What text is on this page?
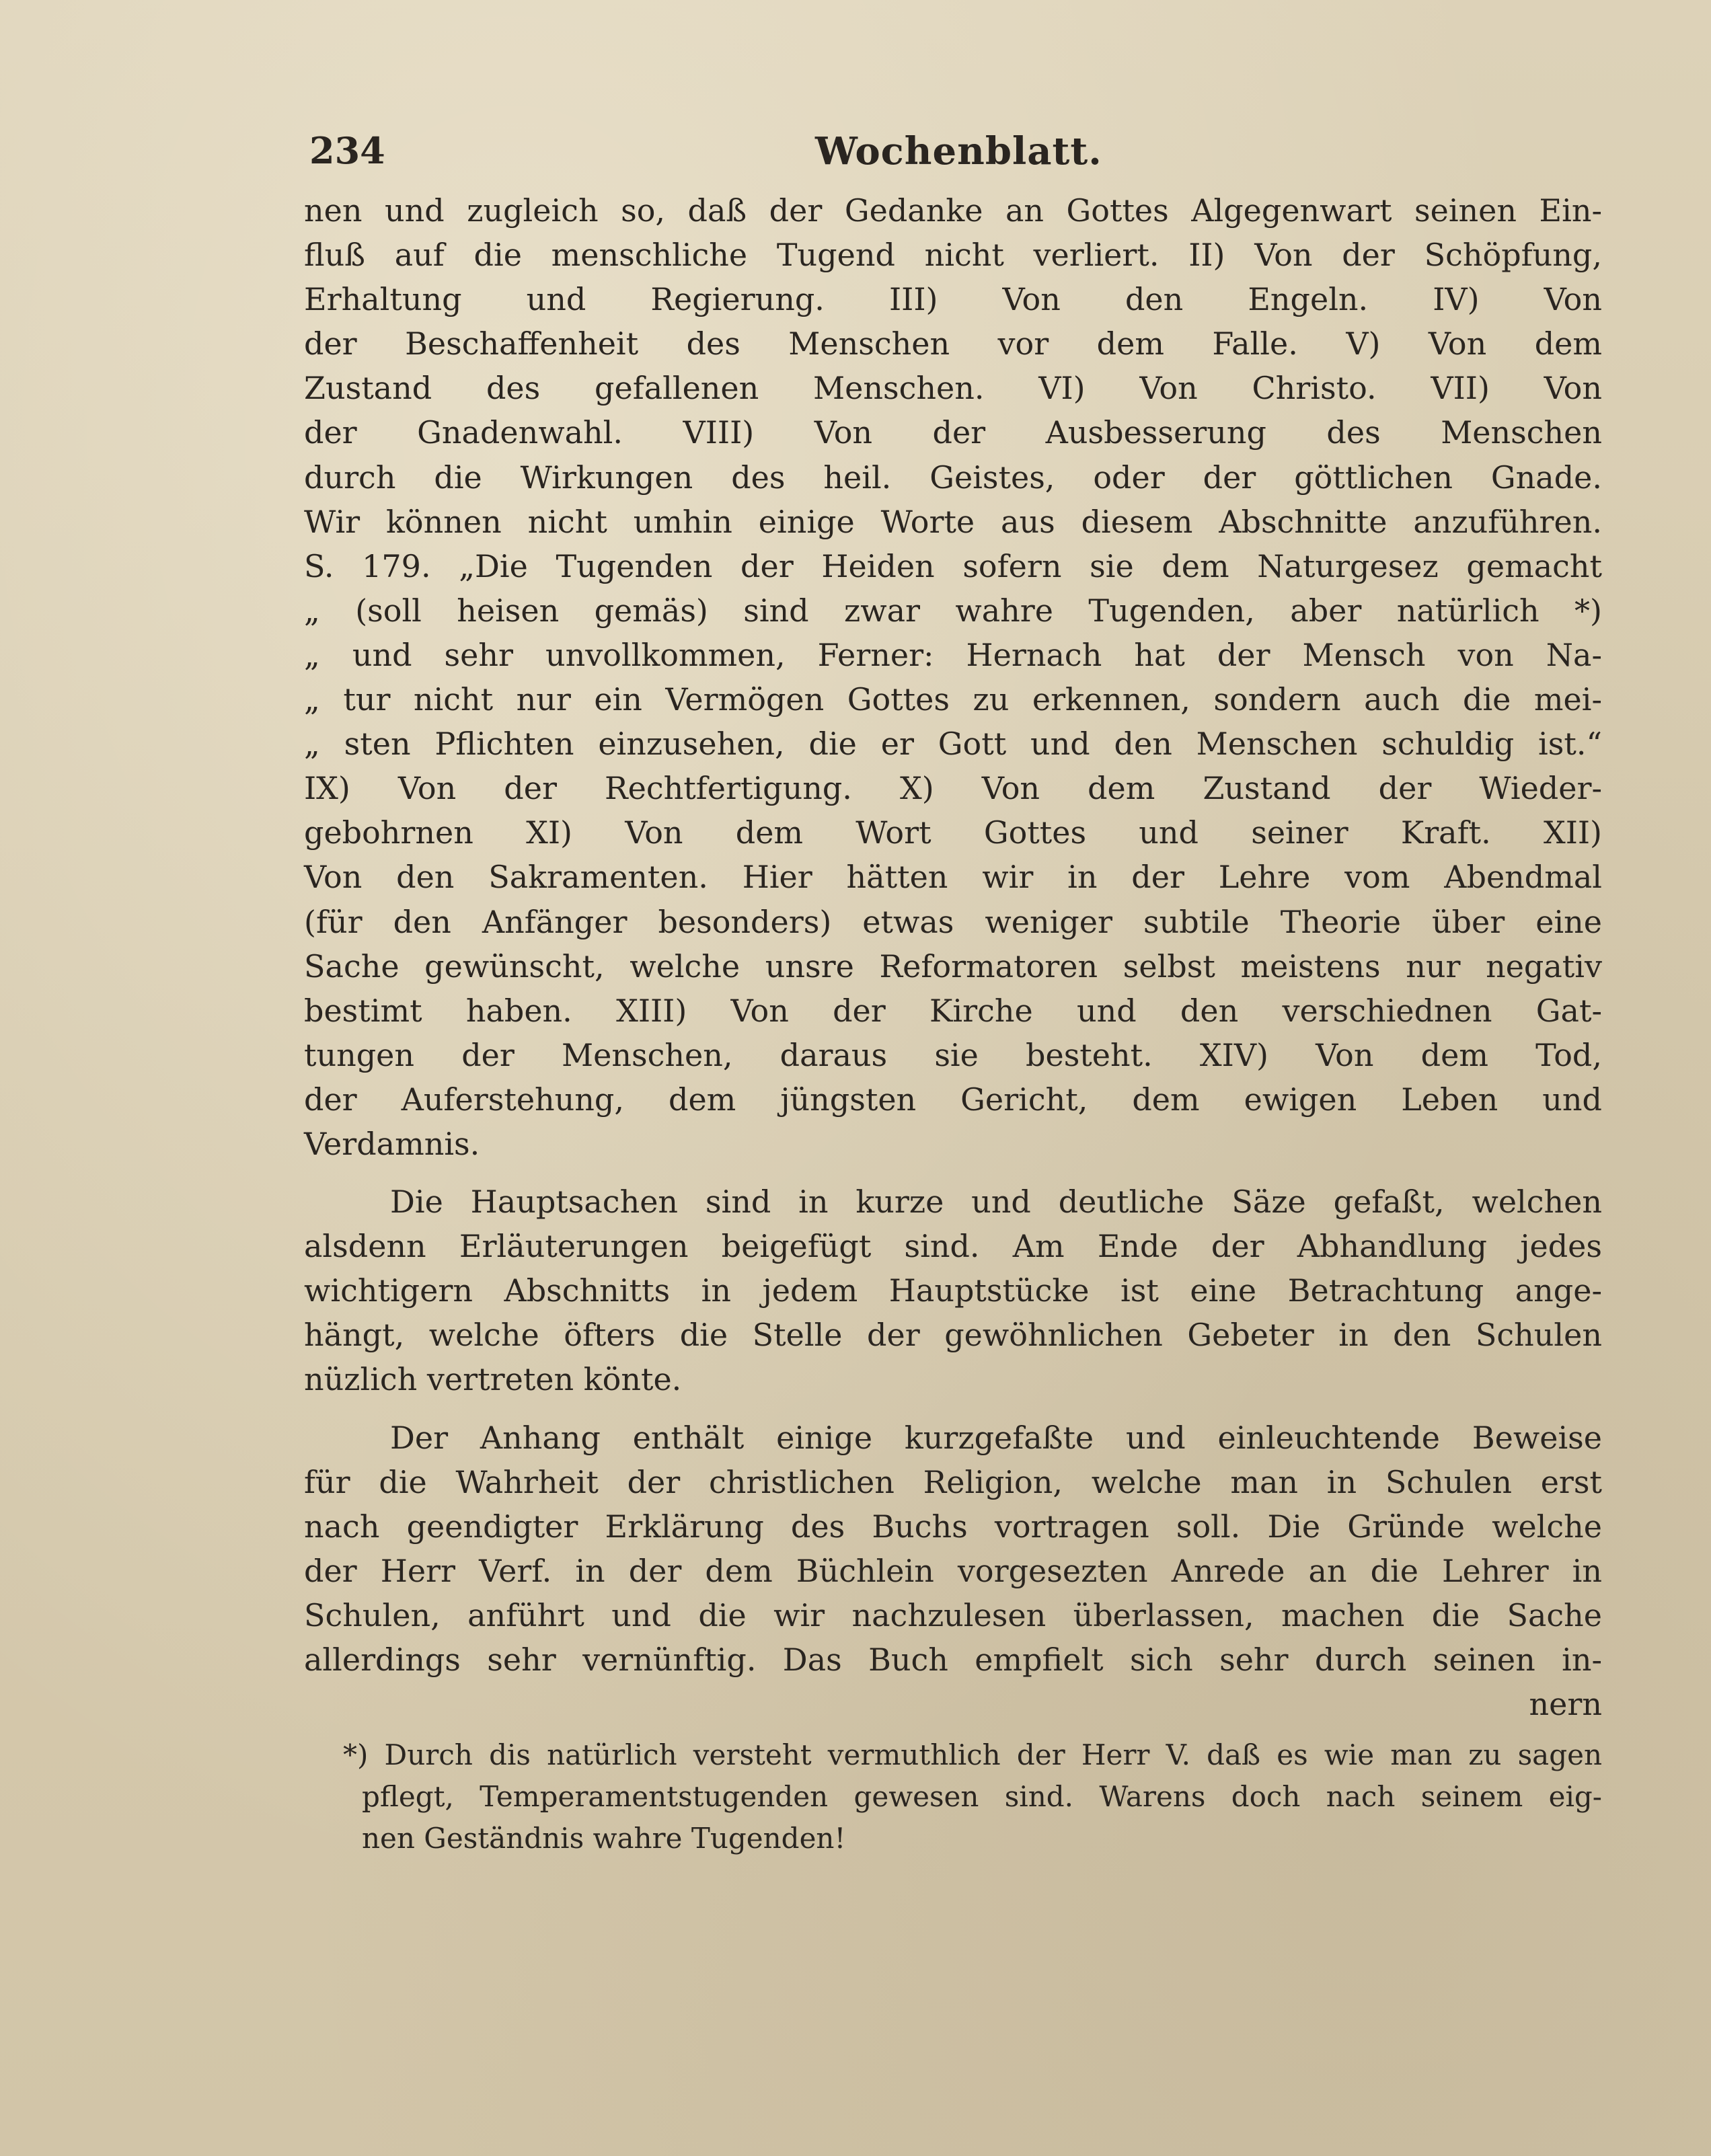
234	Wochenblatt.
nen und zugleich so, daß der Gedanke an Gottes Algegenwart seinen Ein-
fluß auf die menschliche Tugend nicht verliert. II) Von der Schöpfung,
Erhaltung und Regierung. III) Von den Engeln. IV) Von
der Beschaffenheit des Menschen vor dem Falle. V) Von dem
Zustand des gefallenen Menschen. VI) Von Christo. VII) Von
der Gnadenwahl. VIII) Von der Ausbesserung des Menschen
durch die Wirkungen des heil. Geistes, oder der göttlichen Gnade.
Wir können nicht umhin einige Worte aus diesem Abschnitte anzuführen.
S. 179. „Die Tugenden der Heiden sofern sie dem Naturgesez gemacht
„ (soll heisen gemäs) sind zwar wahre Tugenden, aber natürlich *)
„ und sehr unvollkommen, Ferner: Hernach hat der Mensch von Na-
„ tur nicht nur ein Vermögen Gottes zu erkennen, sondern auch die mei-
„ sten Pflichten einzusehen, die er Gott und den Menschen schuldig ist.“
IX) Von der Rechtfertigung. X) Von dem Zustand der Wieder-
gebohrnen XI) Von dem Wort Gottes und seiner Kraft. XII)
Von den Sakramenten. Hier hätten wir in der Lehre vom Abendmal
(für den Anfänger besonders) etwas weniger subtile Theorie über eine
Sache gewünscht, welche unsre Reformatoren selbst meistens nur negativ
bestimt haben. XIII) Von der Kirche und den verschiednen Gat-
tungen der Menschen, daraus sie besteht. XIV) Von dem Tod,
der Auferstehung, dem jüngsten Gericht, dem ewigen Leben und
Verdamnis.
Die Hauptsachen sind in kurze und deutliche Säze gefaßt, welchen
alsdenn Erläuterungen beigefügt sind. Am Ende der Abhandlung jedes
wichtigern Abschnitts in jedem Hauptstücke ist eine Betrachtung ange-
hängt, welche öfters die Stelle der gewöhnlichen Gebeter in den Schulen
nüzlich vertreten könte.
Der Anhang enthält einige kurzgefaßte und einleuchtende Beweise
für die Wahrheit der christlichen Religion, welche man in Schulen erst
nach geendigter Erklärung des Buchs vortragen soll. Die Gründe welche
der Herr Verf. in der dem Büchlein vorgesezten Anrede an die Lehrer in
Schulen, anführt und die wir nachzulesen überlassen, machen die Sache
allerdings sehr vernünftig. Das Buch empfielt sich sehr durch seinen in-
nern
*) Durch dis natürlich versteht vermuthlich der Herr V. daß es wie man zu sagen
pflegt, Temperamentstugenden gewesen sind. Warens doch nach seinem eig-
nen Geständnis wahre Tugenden!
